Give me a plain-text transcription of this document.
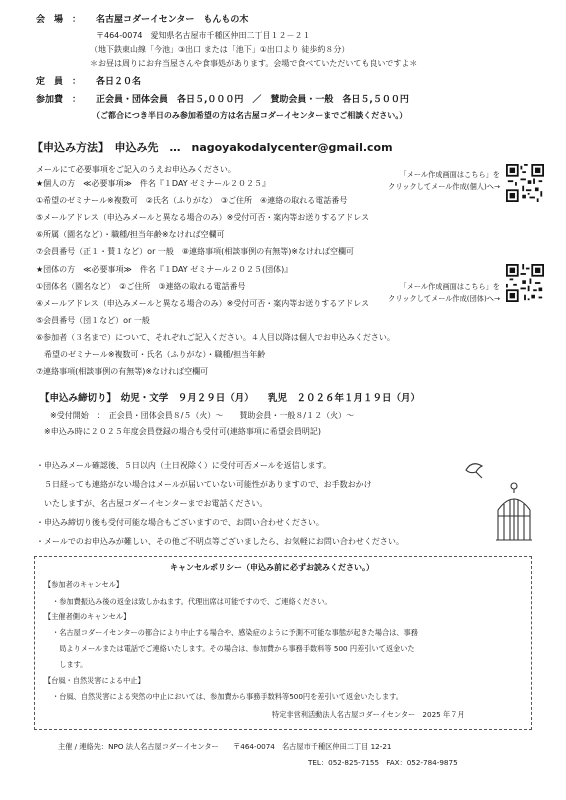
会　場　： 名古屋コダーイセンター　もんもの木
〒464-0074　愛知県名古屋市千種区仲田二丁目１２－２１
（地下鉄東山線「今池」③出口 または「池下」①出口より 徒歩約８分）
＊お昼は周りにお弁当屋さんや食事処があります。会場で食べていただいても良いですよ＊
定　員　： 各日２０名
参加費　： 正会員・団体会員　各日５,０００円　／　賛助会員・一般　各日５,５００円
（ご都合につき半日のみ参加希望の方は名古屋コダーイセンターまでご相談ください。）
【申込み方法】　申込み先　…　nagoyakodalycenter@gmail.com
メールにて必要事項をご記入のうえお申込みください。
「メール作成画面はこちら」を
クリックしてメール作成(個人)へ→
★個人の方　≪必要事項≫　件名『１DAY ゼミナール２０２５』
①希望のゼミナール※複数可　②氏名（ふりがな）　③ご住所　④連絡の取れる電話番号
⑤メールアドレス（申込みメールと異なる場合のみ）※受付可否・案内等お送りするアドレス
⑥所属（園名など）・職種/担当年齢※なければ空欄可
⑦会員番号（正１・賛１など）or 一般　⑧連絡事項(相談事例の有無等)※なければ空欄可
「メール作成画面はこちら」を
クリックしてメール作成(団体)へ→
★団体の方　≪必要事項≫　件名『１DAY ゼミナール２０２５(団体)』
①団体名（園名など）　②ご住所　③連絡の取れる電話番号
④メールアドレス（申込みメールと異なる場合のみ）※受付可否・案内等お送りするアドレス
⑤会員番号（団１など）or 一般
⑥参加者（３名まで）について、それぞれご記入ください。４人目以降は個人でお申込みください。
　希望のゼミナール※複数可・氏名（ふりがな）・職種/担当年齢
⑦連絡事項(相談事例の有無等)※なければ空欄可
【申込み締切り】　幼児・文学　９月２９日（月）　　乳児　２０２６年１月１９日（月）
※受付開始　：　正会員・団体会員８/５（火）～　　賛助会員・一般８/１２（火）～
※申込み時に２０２５年度会員登録の場合も受付可(連絡事項に希望会員明記)
・申込みメール確認後、５日以内（土日祝除く）に受付可否メールを返信します。
　５日経っても連絡がない場合はメールが届いていない可能性がありますので、お手数おかけ
　いたしますが、名古屋コダーイセンターまでお電話ください。
・申込み締切り後も受付可能な場合もございますので、お問い合わせください。
・メールでのお申込みが難しい、その他ご不明点等ございましたら、お気軽にお問い合わせください。
キャンセルポリシー（申込み前に必ずお読みください。）
【参加者のキャンセル】
・参加費振込み後の返金は致しかねます。代理出席は可能ですので、ご連絡ください。
【主催者側のキャンセル】
・名古屋コダーイセンターの都合により中止する場合や、感染症のように予測不可能な事態が起きた場合は、事務
　局よりメールまたは電話でご連絡いたします。その場合は、参加費から事務手数料等 500 円差引いて返金いた
　します。
【台風・自然災害による中止】
・台風、自然災害による突然の中止においては、参加費から事務手数料等500円を差引いて返金いたします。
特定非営利活動法人名古屋コダーイセンター　2025 年７月
主催 / 連絡先：NPO 法人名古屋コダーイセンター　　〒464-0074　名古屋市千種区仲田二丁目 12-21
TEL：052-825-7155　FAX：052-784-9875
